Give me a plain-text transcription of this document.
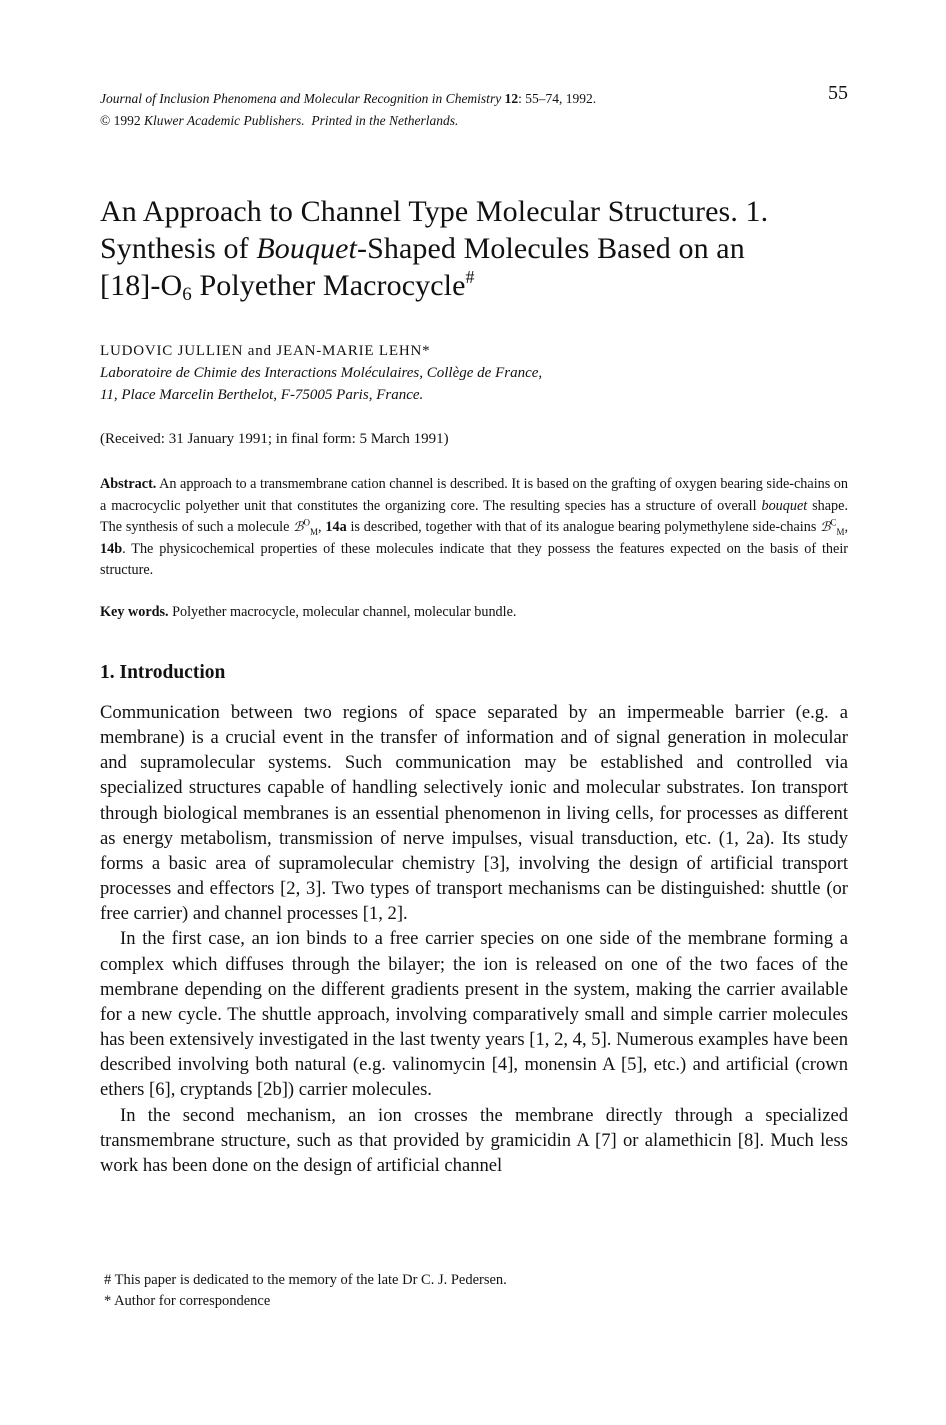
Journal of Inclusion Phenomena and Molecular Recognition in Chemistry 12: 55–74, 1992.
© 1992 Kluwer Academic Publishers. Printed in the Netherlands.
55
An Approach to Channel Type Molecular Structures. 1.
Synthesis of Bouquet-Shaped Molecules Based on an
$[18]-O_6$ Polyether Macrocycle#
LUDOVIC JULLIEN and JEAN-MARIE LEHN*
Laboratoire de Chimie des Interactions Moléculaires, Collège de France,
11, Place Marcelin Berthelot, F-75005 Paris, France.
(Received: 31 January 1991; in final form: 5 March 1991)
Abstract. An approach to a transmembrane cation channel is described. It is based on the grafting of oxygen bearing side-chains on a macrocyclic polyether unit that constitutes the organizing core. The resulting species has a structure of overall bouquet shape. The synthesis of such a molecule ℬ$^O_M$, 14a is described, together with that of its analogue bearing polymethylene side-chains ℬ$^C_M$, 14b. The physicochemical properties of these molecules indicate that they possess the features expected on the basis of their structure.
Key words. Polyether macrocycle, molecular channel, molecular bundle.
1. Introduction

Communication between two regions of space separated by an impermeable barrier (e.g. a membrane) is a crucial event in the transfer of information and of signal generation in molecular and supramolecular systems. Such communication may be established and controlled via specialized structures capable of handling selectively ionic and molecular substrates. Ion transport through biological membranes is an essential phenomenon in living cells, for processes as different as energy metabolism, transmission of nerve impulses, visual transduction, etc. (1, 2a). Its study forms a basic area of supramolecular chemistry [3], involving the design of artificial transport processes and effectors [2, 3]. Two types of transport mechanisms can be distinguished: shuttle (or free carrier) and channel processes [1, 2].

In the first case, an ion binds to a free carrier species on one side of the membrane forming a complex which diffuses through the bilayer; the ion is released on one of the two faces of the membrane depending on the different gradients present in the system, making the carrier available for a new cycle. The shuttle approach, involving comparatively small and simple carrier molecules has been extensively investigated in the last twenty years [1, 2, 4, 5]. Numerous examples have been described involving both natural (e.g. valinomycin [4], monensin A [5], etc.) and artificial (crown ethers [6], cryptands [2b]) carrier molecules.

In the second mechanism, an ion crosses the membrane directly through a specialized transmembrane structure, such as that provided by gramicidin A [7] or alamethicin [8]. Much less work has been done on the design of artificial channel

# This paper is dedicated to the memory of the late Dr C. J. Pedersen.
* Author for correspondence
